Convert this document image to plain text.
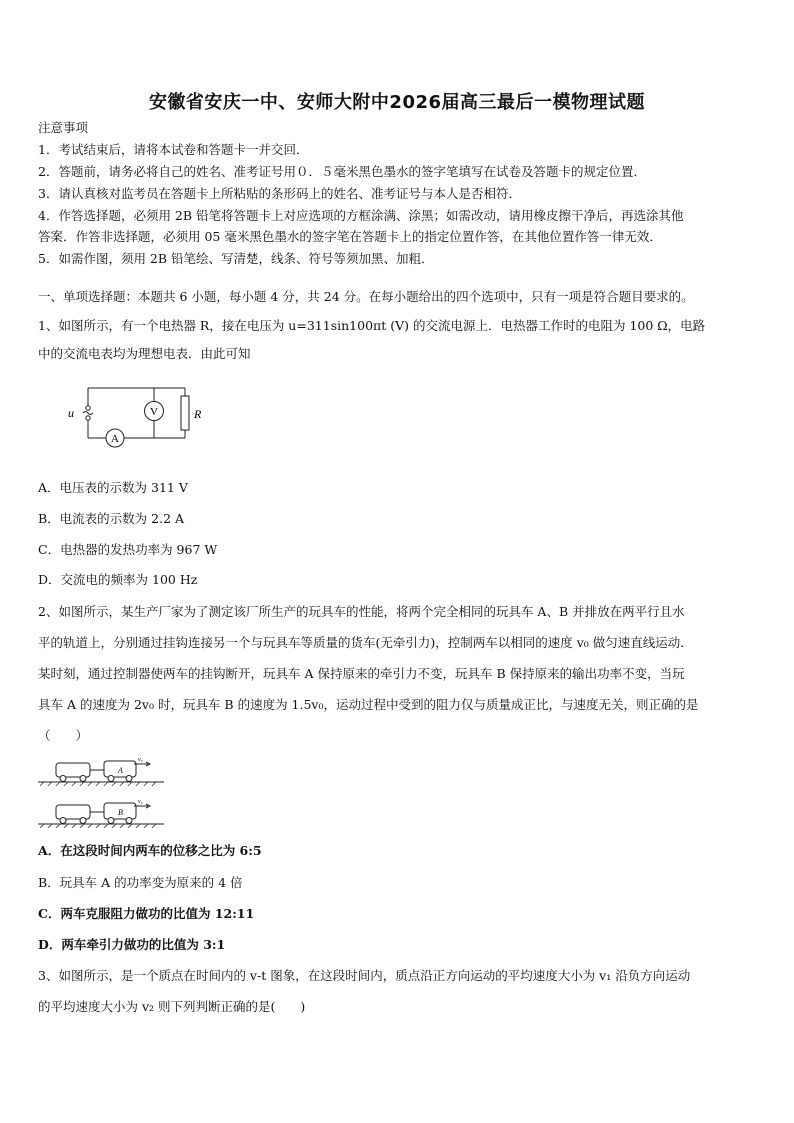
安徽省安庆一中、安师大附中2026届高三最后一模物理试题
注意事项
1．考试结束后，请将本试卷和答题卡一并交回．
2．答题前，请务必将自己的姓名、准考证号用０．５毫米黑色墨水的签字笔填写在试卷及答题卡的规定位置．
3．请认真核对监考员在答题卡上所粘贴的条形码上的姓名、准考证号与本人是否相符．
4．作答选择题，必须用 2B 铅笔将答题卡上对应选项的方框涂满、涂黑；如需改动，请用橡皮擦干净后，再选涂其他
答案．作答非选择题，必须用 05 毫米黑色墨水的签字笔在答题卡上的指定位置作答，在其他位置作答一律无效．
5．如需作图，须用 2B 铅笔绘、写清楚，线条、符号等须加黑、加粗．
一、单项选择题：本题共 6 小题，每小题 4 分，共 24 分。在每小题给出的四个选项中，只有一项是符合题目要求的。
1、如图所示，有一个电热器 R，接在电压为 u=311sin100πt (V) 的交流电源上．电热器工作时的电阻为 100 Ω，电路
中的交流电表均为理想电表．由此可知
u	V
A
R
A．电压表的示数为 311 V
B．电流表的示数为 2.2 A
C．电热器的发热功率为 967 W
D．交流电的频率为 100 Hz
2、如图所示，某生产厂家为了测定该厂所生产的玩具车的性能，将两个完全相同的玩具车 A、B 并排放在两平行且水
平的轨道上，分别通过挂钩连接另一个与玩具车等质量的货车(无牵引力)，控制两车以相同的速度 v₀ 做匀速直线运动．
某时刻，通过控制器使两车的挂钩断开，玩具车 A 保持原来的牵引力不变，玩具车 B 保持原来的输出功率不变，当玩
具车 A 的速度为 2v₀ 时，玩具车 B 的速度为 1.5v₀，运动过程中受到的阻力仅与质量成正比，与速度无关，则正确的是
（　　）
A
v₀
B
v₀
A．在这段时间内两车的位移之比为 6:5
B．玩具车 A 的功率变为原来的 4 倍
C．两车克服阻力做功的比值为 12:11
D．两车牵引力做功的比值为 3:1
3、如图所示，是一个质点在时间内的 v-t 图象，在这段时间内，质点沿正方向运动的平均速度大小为 v₁ 沿负方向运动
的平均速度大小为 v₂ 则下列判断正确的是(　　)
